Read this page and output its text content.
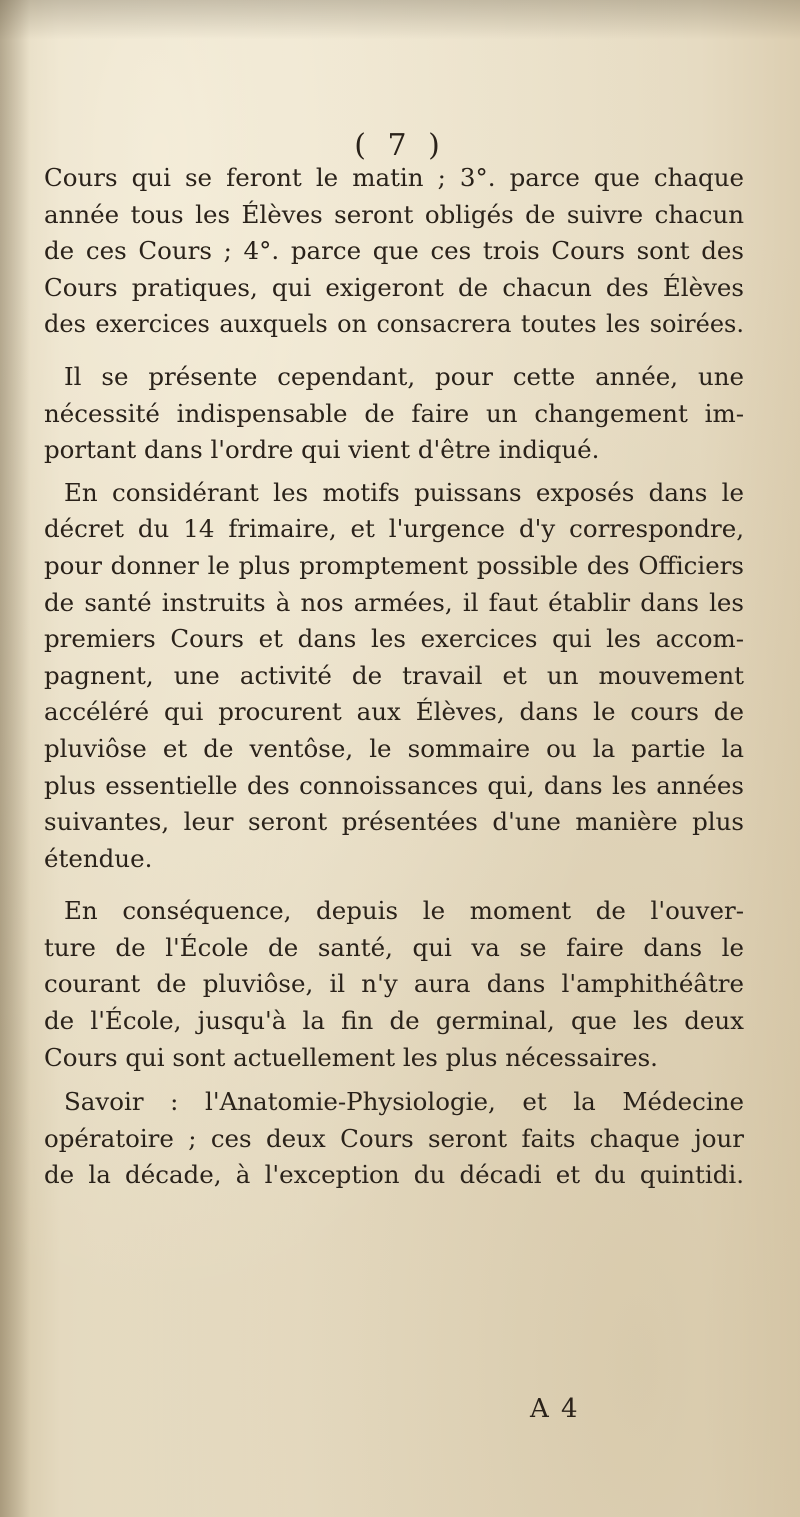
( 7 )
Cours qui se feront le matin ; 3°. parce que chaque
année tous les Élèves seront obligés de suivre chacun
de ces Cours ; 4°. parce que ces trois Cours sont des
Cours pratiques, qui exigeront de chacun des Élèves
des exercices auxquels on consacrera toutes les soirées.
Il se présente cependant, pour cette année, une
nécessité indispensable de faire un changement im-
portant dans l'ordre qui vient d'être indiqué.
En considérant les motifs puissans exposés dans le
décret du 14 frimaire, et l'urgence d'y correspondre,
pour donner le plus promptement possible des Officiers
de santé instruits à nos armées, il faut établir dans les
premiers Cours et dans les exercices qui les accom-
pagnent, une activité de travail et un mouvement
accéléré qui procurent aux Élèves, dans le cours de
pluviôse et de ventôse, le sommaire ou la partie la
plus essentielle des connoissances qui, dans les années
suivantes, leur seront présentées d'une manière plus
étendue.
En conséquence, depuis le moment de l'ouver-
ture de l'École de santé, qui va se faire dans le
courant de pluviôse, il n'y aura dans l'amphithéâtre
de l'École, jusqu'à la fin de germinal, que les deux
Cours qui sont actuellement les plus nécessaires.
Savoir : l'Anatomie-Physiologie, et la Médecine
opératoire ; ces deux Cours seront faits chaque jour
de la décade, à l'exception du décadi et du quintidi.
A 4
